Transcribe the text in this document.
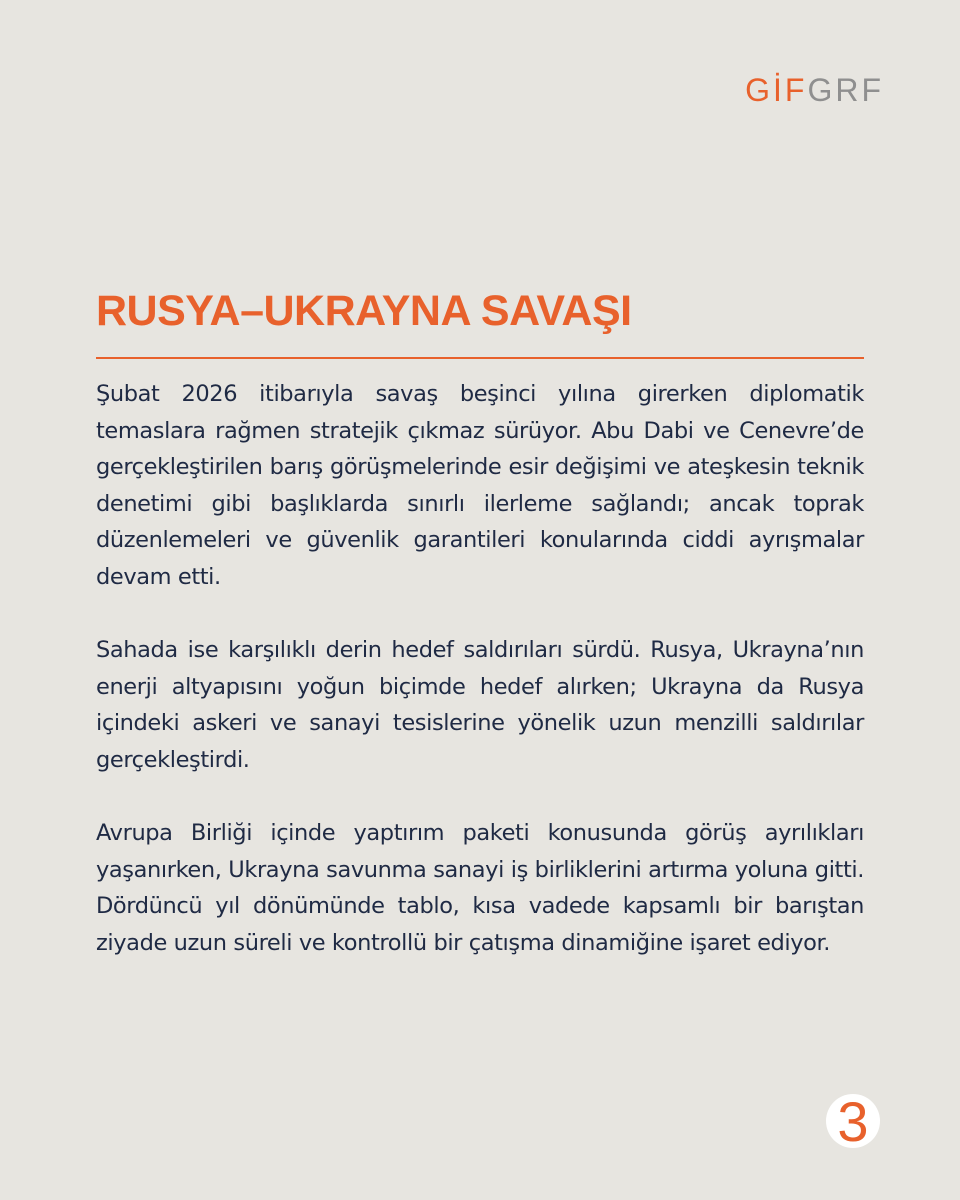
GİFGRF
RUSYA–UKRAYNA SAVAŞI

Şubat 2026 itibarıyla savaş beşinci yılına girerken diplomatik temaslara rağmen stratejik çıkmaz sürüyor. Abu Dabi ve Cenevre’de gerçekleştirilen barış görüşmelerinde esir değişimi ve ateşkesin teknik denetimi gibi başlıklarda sınırlı ilerleme sağlandı; ancak toprak düzenlemeleri ve güvenlik garantileri konularında ciddi ayrışmalar devam etti.

Sahada ise karşılıklı derin hedef saldırıları sürdü. Rusya, Ukrayna’nın enerji altyapısını yoğun biçimde hedef alırken; Ukrayna da Rusya içindeki askeri ve sanayi tesislerine yönelik uzun menzilli saldırılar gerçekleştirdi.

Avrupa Birliği içinde yaptırım paketi konusunda görüş ayrılıkları yaşanırken, Ukrayna savunma sanayi iş birliklerini artırma yoluna gitti. Dördüncü yıl dönümünde tablo, kısa vadede kapsamlı bir barıştan ziyade uzun süreli ve kontrollü bir çatışma dinamiğine işaret ediyor.

3
